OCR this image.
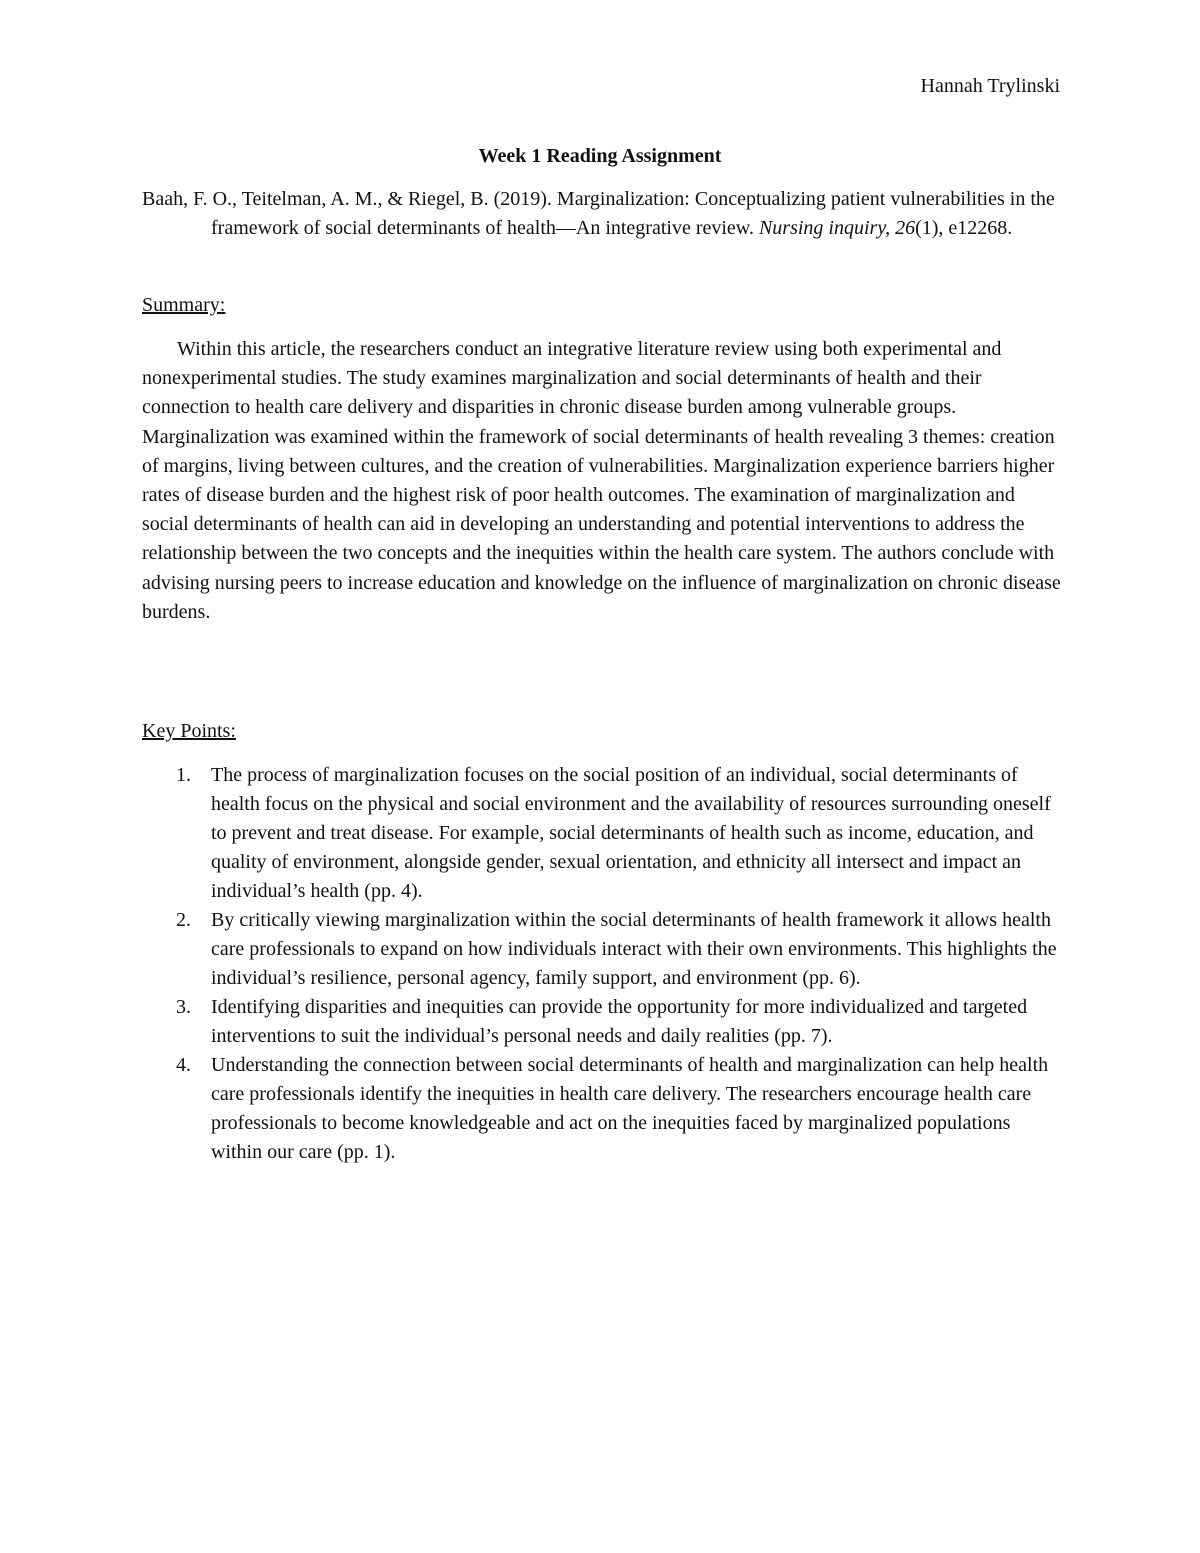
Hannah Trylinski
Week 1 Reading Assignment
Baah, F. O., Teitelman, A. M., & Riegel, B. (2019). Marginalization: Conceptualizing patient vulnerabilities in the framework of social determinants of health—An integrative review. Nursing inquiry, 26(1), e12268.
Summary:

Within this article, the researchers conduct an integrative literature review using both experimental and nonexperimental studies. The study examines marginalization and social determinants of health and their connection to health care delivery and disparities in chronic disease burden among vulnerable groups. Marginalization was examined within the framework of social determinants of health revealing 3 themes: creation of margins, living between cultures, and the creation of vulnerabilities. Marginalization experience barriers higher rates of disease burden and the highest risk of poor health outcomes. The examination of marginalization and social determinants of health can aid in developing an understanding and potential interventions to address the relationship between the two concepts and the inequities within the health care system. The authors conclude with advising nursing peers to increase education and knowledge on the influence of marginalization on chronic disease burdens.

Key Points:
1. The process of marginalization focuses on the social position of an individual, social determinants of health focus on the physical and social environment and the availability of resources surrounding oneself to prevent and treat disease. For example, social determinants of health such as income, education, and quality of environment, alongside gender, sexual orientation, and ethnicity all intersect and impact an individual’s health (pp. 4).
2. By critically viewing marginalization within the social determinants of health framework it allows health care professionals to expand on how individuals interact with their own environments. This highlights the individual’s resilience, personal agency, family support, and environment (pp. 6).
3. Identifying disparities and inequities can provide the opportunity for more individualized and targeted interventions to suit the individual’s personal needs and daily realities (pp. 7).
4. Understanding the connection between social determinants of health and marginalization can help health care professionals identify the inequities in health care delivery. The researchers encourage health care professionals to become knowledgeable and act on the inequities faced by marginalized populations within our care (pp. 1).
